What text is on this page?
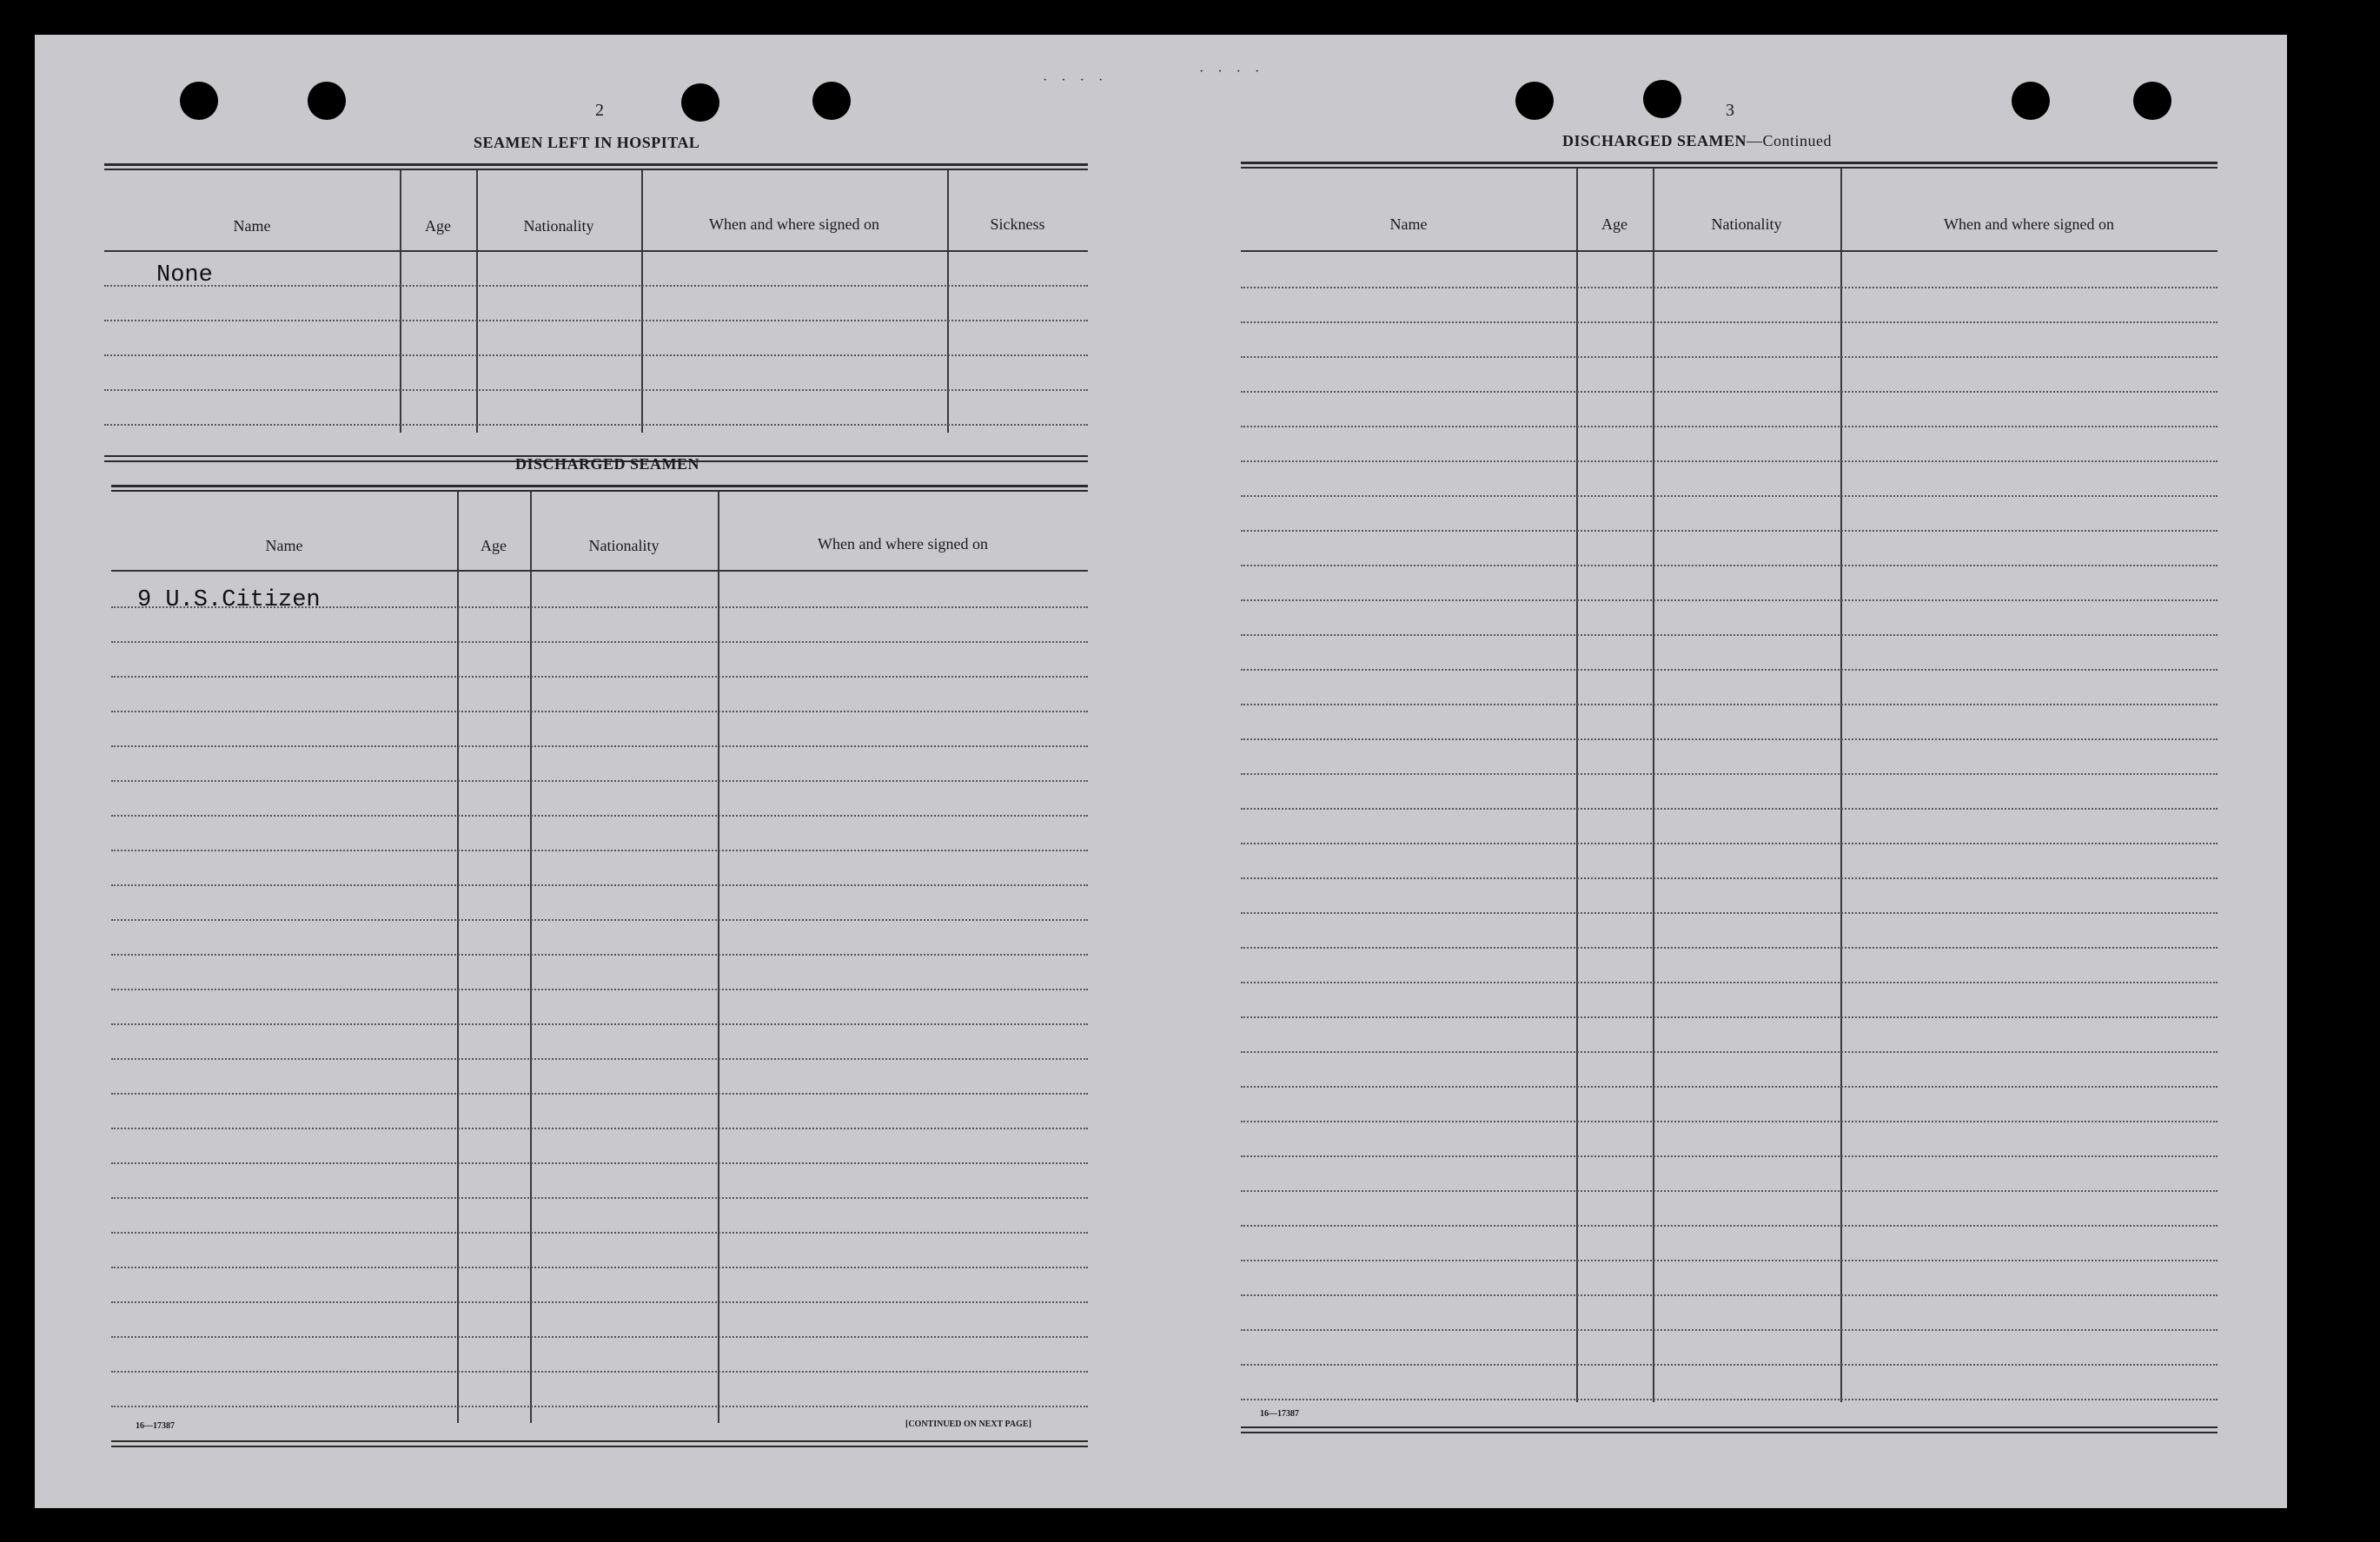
· · · ·
· · · ·
2
SEAMEN LEFT IN HOSPITAL
Name	Age	Nationality	When and where signed on	Sickness
None
DISCHARGED SEAMEN
Name	Age	Nationality	When and where signed on
9 U.S.Citizen
16—17387	[CONTINUED ON NEXT PAGE]
3
DISCHARGED SEAMEN—Continued
Name	Age	Nationality	When and where signed on
16—17387
